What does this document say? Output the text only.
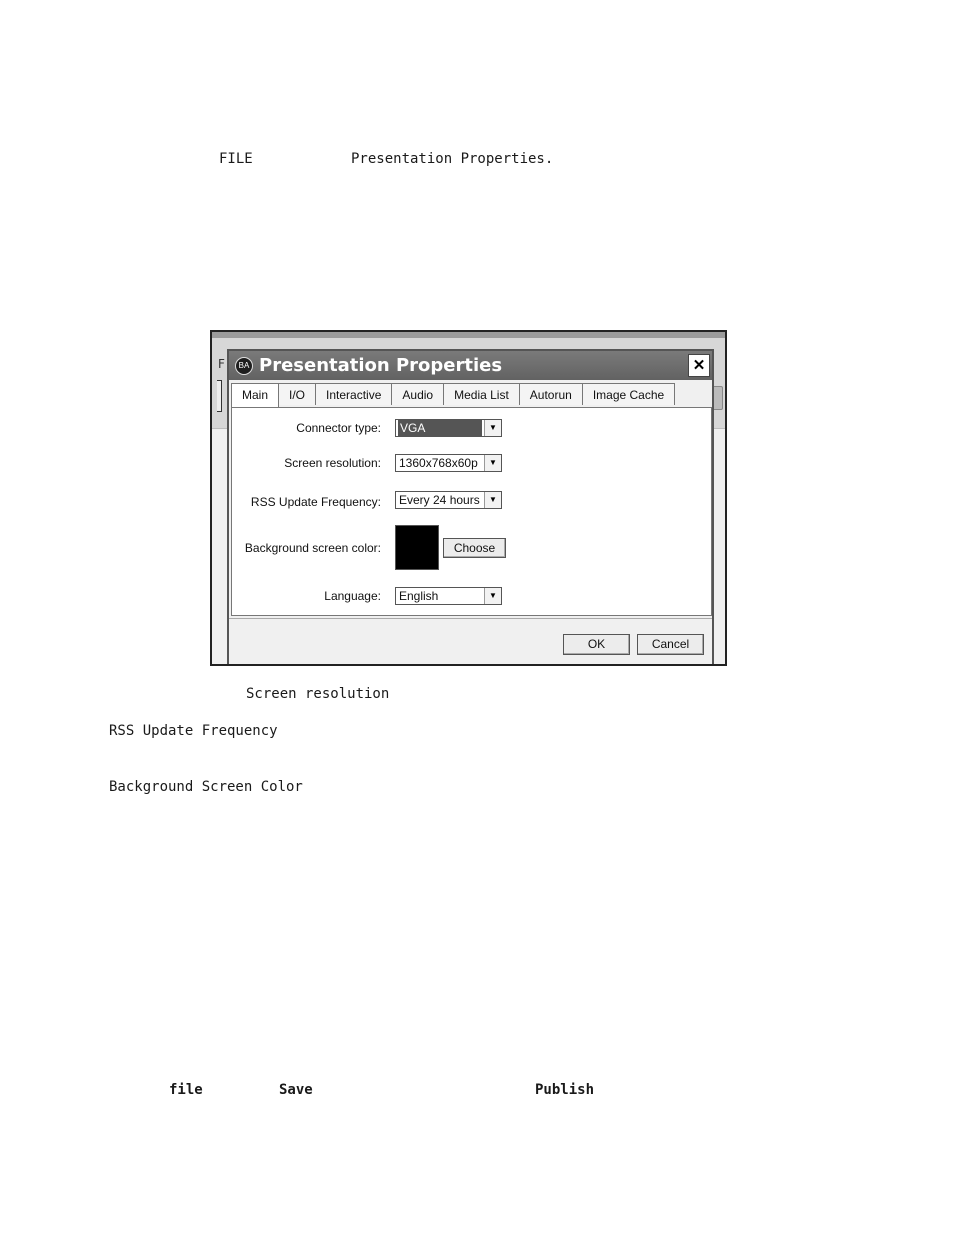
FILE	Presentation Properties.
F	BA Presentation Properties	✕
Main	I/O	Interactive	Audio	Media List	Autorun	Image Cache
Connector type:	VGA	▼
Screen resolution:	1360x768x60p	▼
RSS Update Frequency:	Every 24 hours	▼
Background screen color:	Choose
Language:	English	▼
OK	Cancel
Screen resolution
RSS Update Frequency
Background Screen Color
file	Save	Publish
